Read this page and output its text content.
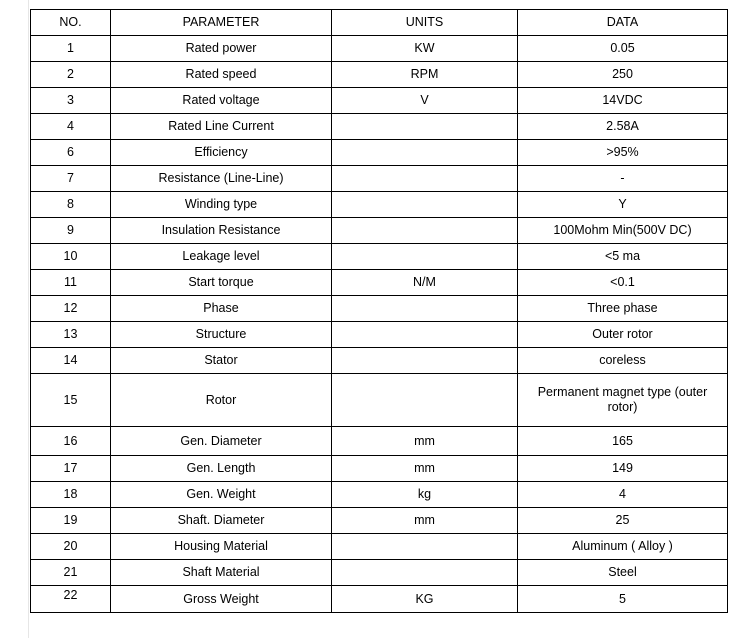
NO.	PARAMETER	UNITS	DATA
1	Rated power	KW	0.05
2	Rated speed	RPM	250
3	Rated voltage	V	14VDC
4	Rated Line Current		2.58A
6	Efficiency		>95%
7	Resistance (Line-Line)		-
8	Winding type		Y
9	Insulation Resistance		100Mohm Min(500V DC)
10	Leakage level		<5 ma
11	Start torque	N/M	<0.1
12	Phase		Three phase
13	Structure		Outer rotor
14	Stator		coreless
15	Rotor		Permanent magnet type (outer rotor)
16	Gen. Diameter	mm	165
17	Gen. Length	mm	149
18	Gen. Weight	kg	4
19	Shaft. Diameter	mm	25
20	Housing Material		Aluminum ( Alloy )
21	Shaft Material		Steel
22	Gross Weight	KG	5
